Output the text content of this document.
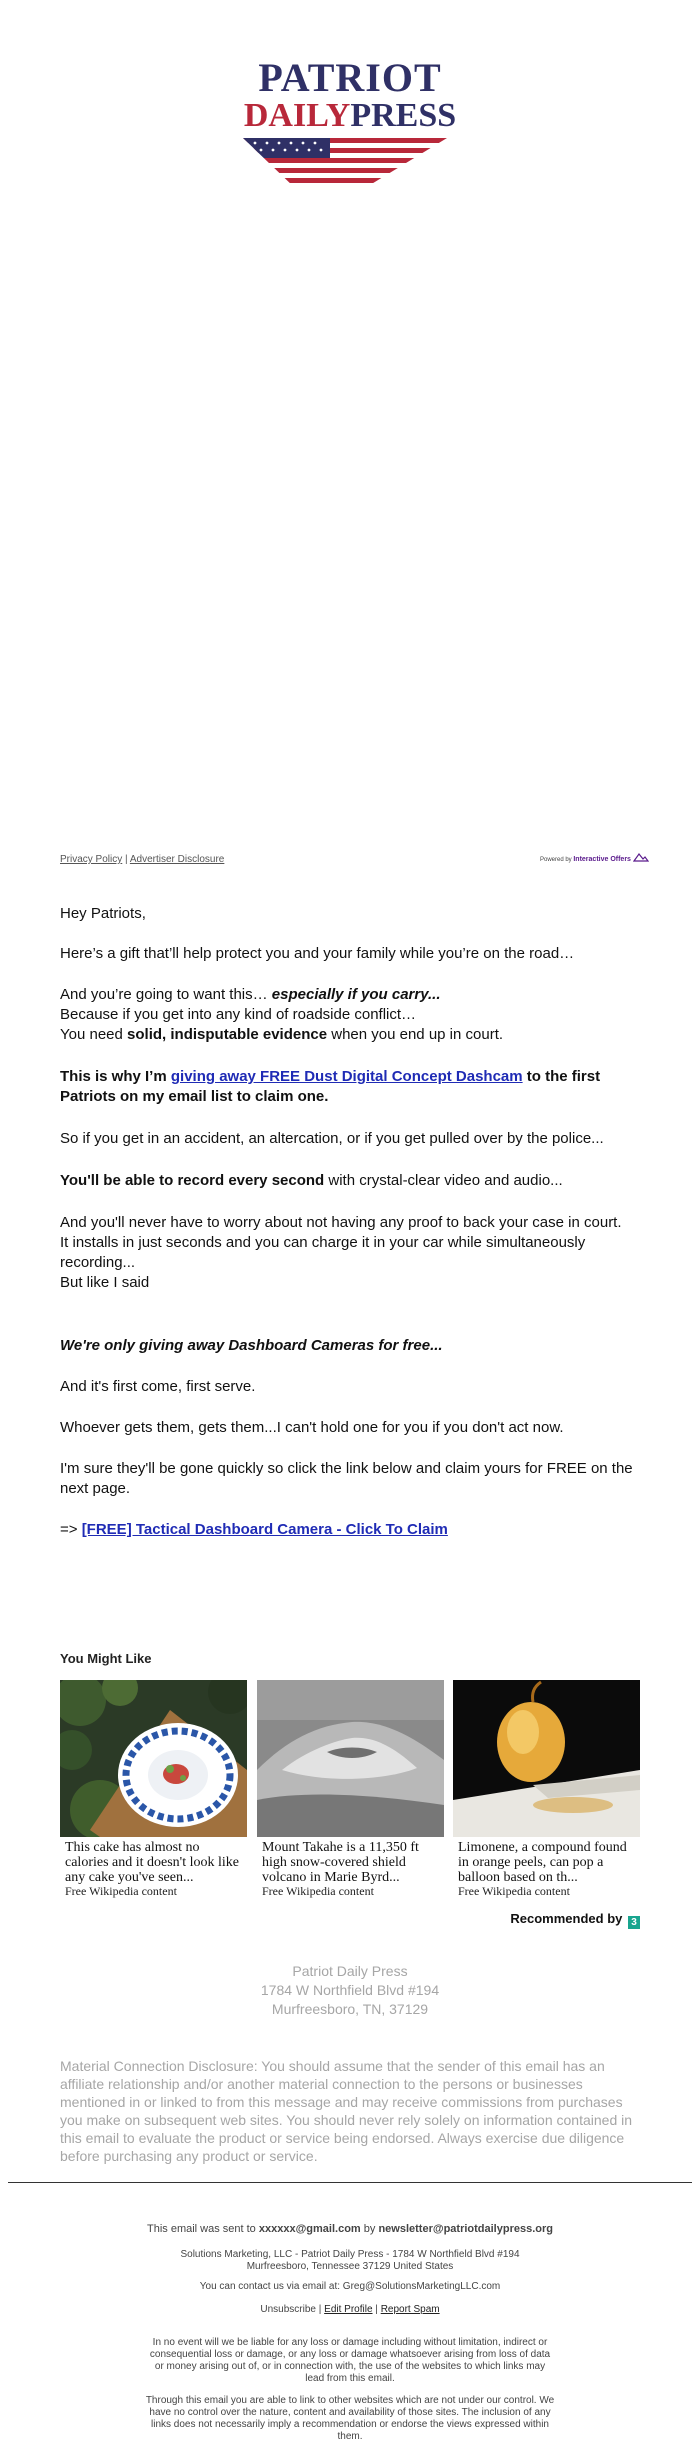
PATRIOT
DAILYPRESS
Privacy Policy | Advertiser Disclosure	Powered by Interactive Offers
Hey Patriots,
Here’s a gift that’ll help protect you and your family while you’re on the road…

And you’re going to want this… especially if you carry...

Because if you get into any kind of roadside conflict…

You need solid, indisputable evidence when you end up in court.

This is why I’m giving away FREE Dust Digital Concept Dashcam to the first Patriots on my email list to claim one.
So if you get in an accident, an altercation, or if you get pulled over by the police...
You'll be able to record every second with crystal-clear video and audio...

And you'll never have to worry about not having any proof to back your case in court.

It installs in just seconds and you can charge it in your car while simultaneously recording...

But like I said

We're only giving away Dashboard Cameras for free...
And it's first come, first serve.
Whoever gets them, gets them...I can't hold one for you if you don't act now.
I'm sure they'll be gone quickly so click the link below and claim yours for FREE on the next page.
=> [FREE] Tactical Dashboard Camera - Click To Claim
You Might Like
This cake has almost no calories and it doesn't look like any cake you've seen...
Free Wikipedia content
Mount Takahe is a 11,350 ft high snow-covered shield volcano in Marie Byrd...
Free Wikipedia content
Limonene, a compound found in orange peels, can pop a balloon based on th...
Free Wikipedia content
Recommended by 3
Patriot Daily Press
1784 W Northfield Blvd #194
Murfreesboro, TN, 37129
Material Connection Disclosure: You should assume that the sender of this email has an affiliate relationship and/or another material connection to the persons or businesses mentioned in or linked to from this message and may receive commissions from purchases you make on subsequent web sites. You should never rely solely on information contained in this email to evaluate the product or service being endorsed. Always exercise due diligence before purchasing any product or service.
This email was sent to xxxxxx@gmail.com by newsletter@patriotdailypress.org
Solutions Marketing, LLC - Patriot Daily Press - 1784 W Northfield Blvd #194
Murfreesboro, Tennessee 37129 United States
You can contact us via email at: Greg@SolutionsMarketingLLC.com
Unsubscribe | Edit Profile | Report Spam
In no event will we be liable for any loss or damage including without limitation, indirect or consequential loss or damage, or any loss or damage whatsoever arising from loss of data or money arising out of, or in connection with, the use of the websites to which links may lead from this email.
Through this email you are able to link to other websites which are not under our control. We have no control over the nature, content and availability of those sites. The inclusion of any links does not necessarily imply a recommendation or endorse the views expressed within them.
